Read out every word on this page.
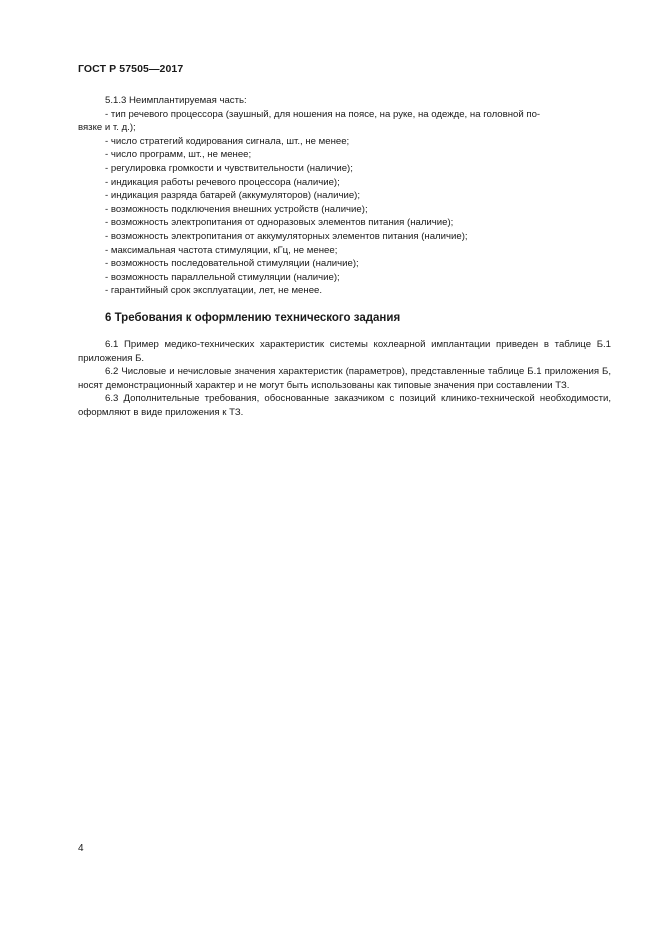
ГОСТ Р 57505—2017

5.1.3 Неимплантируемая часть:

- тип речевого процессора (заушный, для ношения на поясе, на руке, на одежде, на головной по-
вязке и т. д.);
- число стратегий кодирования сигнала, шт., не менее;
- число программ, шт., не менее;
- регулировка громкости и чувствительности (наличие);
- индикация работы речевого процессора (наличие);
- индикация разряда батарей (аккумуляторов) (наличие);
- возможность подключения внешних устройств (наличие);
- возможность электропитания от одноразовых элементов питания (наличие);
- возможность электропитания от аккумуляторных элементов питания (наличие);
- максимальная частота стимуляции, кГц, не менее;
- возможность последовательной стимуляции (наличие);
- возможность параллельной стимуляции (наличие);
- гарантийный срок эксплуатации, лет, не менее.
6 Требования к оформлению технического задания

6.1 Пример медико-технических характеристик системы кохлеарной имплантации приведен в таблице Б.1 приложения Б.

6.2 Числовые и нечисловые значения характеристик (параметров), представленные таблице Б.1 приложения Б, носят демонстрационный характер и не могут быть использованы как типовые значения при составлении ТЗ.

6.3 Дополнительные требования, обоснованные заказчиком с позиций клинико-технической необходимости, оформляют в виде приложения к ТЗ.

4
